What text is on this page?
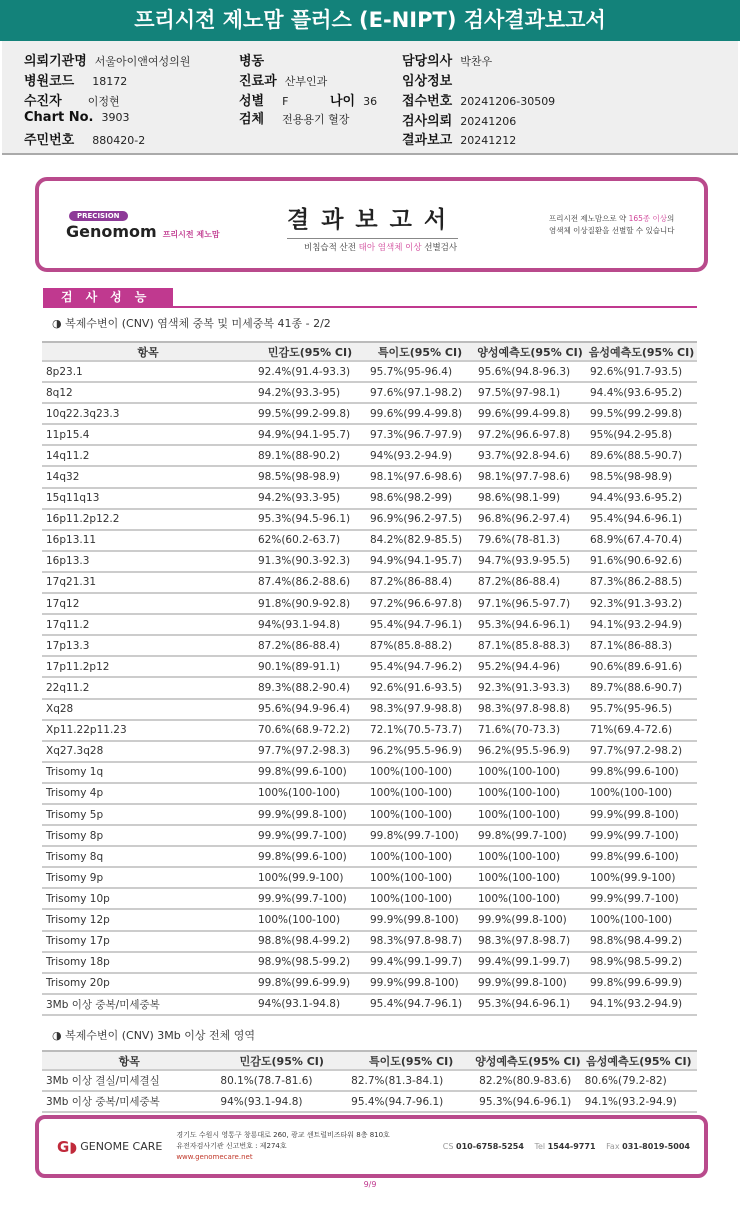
프리시전 제노맘 플러스 (E-NIPT) 검사결과보고서
의뢰기관명 서울아이앤여성의원
병원코드 18172
수진자 이정현
Chart No. 3903
주민번호 880420-2
병동
진료과 산부인과
성별 F	나이 36
검체 전용용기 혈장
담당의사 박찬우
임상정보
접수번호 20241206-30509
검사의뢰 20241206
결과보고 20241212
PRECISION
Genomom 프리시전 제노맘
결과보고서
비침습적 산전 태아 염색체 이상 선별검사
프리시전 제노맘으로 약 165종 이상의
염색체 이상질환을 선별할 수 있습니다
검사성능
◑ 복제수변이 (CNV) 염색체 중복 및 미세중복 41종 - 2/2
항목	민감도(95% CI)	특이도(95% CI)	양성예측도(95% CI)	음성예측도(95% CI)
8p23.1	92.4%(91.4-93.3)	95.7%(95-96.4)	95.6%(94.8-96.3)	92.6%(91.7-93.5)
8q12	94.2%(93.3-95)	97.6%(97.1-98.2)	97.5%(97-98.1)	94.4%(93.6-95.2)
10q22.3q23.3	99.5%(99.2-99.8)	99.6%(99.4-99.8)	99.6%(99.4-99.8)	99.5%(99.2-99.8)
11p15.4	94.9%(94.1-95.7)	97.3%(96.7-97.9)	97.2%(96.6-97.8)	95%(94.2-95.8)
14q11.2	89.1%(88-90.2)	94%(93.2-94.9)	93.7%(92.8-94.6)	89.6%(88.5-90.7)
14q32	98.5%(98-98.9)	98.1%(97.6-98.6)	98.1%(97.7-98.6)	98.5%(98-98.9)
15q11q13	94.2%(93.3-95)	98.6%(98.2-99)	98.6%(98.1-99)	94.4%(93.6-95.2)
16p11.2p12.2	95.3%(94.5-96.1)	96.9%(96.2-97.5)	96.8%(96.2-97.4)	95.4%(94.6-96.1)
16p13.11	62%(60.2-63.7)	84.2%(82.9-85.5)	79.6%(78-81.3)	68.9%(67.4-70.4)
16p13.3	91.3%(90.3-92.3)	94.9%(94.1-95.7)	94.7%(93.9-95.5)	91.6%(90.6-92.6)
17q21.31	87.4%(86.2-88.6)	87.2%(86-88.4)	87.2%(86-88.4)	87.3%(86.2-88.5)
17q12	91.8%(90.9-92.8)	97.2%(96.6-97.8)	97.1%(96.5-97.7)	92.3%(91.3-93.2)
17q11.2	94%(93.1-94.8)	95.4%(94.7-96.1)	95.3%(94.6-96.1)	94.1%(93.2-94.9)
17p13.3	87.2%(86-88.4)	87%(85.8-88.2)	87.1%(85.8-88.3)	87.1%(86-88.3)
17p11.2p12	90.1%(89-91.1)	95.4%(94.7-96.2)	95.2%(94.4-96)	90.6%(89.6-91.6)
22q11.2	89.3%(88.2-90.4)	92.6%(91.6-93.5)	92.3%(91.3-93.3)	89.7%(88.6-90.7)
Xq28	95.6%(94.9-96.4)	98.3%(97.9-98.8)	98.3%(97.8-98.8)	95.7%(95-96.5)
Xp11.22p11.23	70.6%(68.9-72.2)	72.1%(70.5-73.7)	71.6%(70-73.3)	71%(69.4-72.6)
Xq27.3q28	97.7%(97.2-98.3)	96.2%(95.5-96.9)	96.2%(95.5-96.9)	97.7%(97.2-98.2)
Trisomy 1q	99.8%(99.6-100)	100%(100-100)	100%(100-100)	99.8%(99.6-100)
Trisomy 4p	100%(100-100)	100%(100-100)	100%(100-100)	100%(100-100)
Trisomy 5p	99.9%(99.8-100)	100%(100-100)	100%(100-100)	99.9%(99.8-100)
Trisomy 8p	99.9%(99.7-100)	99.8%(99.7-100)	99.8%(99.7-100)	99.9%(99.7-100)
Trisomy 8q	99.8%(99.6-100)	100%(100-100)	100%(100-100)	99.8%(99.6-100)
Trisomy 9p	100%(99.9-100)	100%(100-100)	100%(100-100)	100%(99.9-100)
Trisomy 10p	99.9%(99.7-100)	100%(100-100)	100%(100-100)	99.9%(99.7-100)
Trisomy 12p	100%(100-100)	99.9%(99.8-100)	99.9%(99.8-100)	100%(100-100)
Trisomy 17p	98.8%(98.4-99.2)	98.3%(97.8-98.7)	98.3%(97.8-98.7)	98.8%(98.4-99.2)
Trisomy 18p	98.9%(98.5-99.2)	99.4%(99.1-99.7)	99.4%(99.1-99.7)	98.9%(98.5-99.2)
Trisomy 20p	99.8%(99.6-99.9)	99.9%(99.8-100)	99.9%(99.8-100)	99.8%(99.6-99.9)
3Mb 이상 중복/미세중복	94%(93.1-94.8)	95.4%(94.7-96.1)	95.3%(94.6-96.1)	94.1%(93.2-94.9)
◑ 복제수변이 (CNV) 3Mb 이상 전체 영역
항목	민감도(95% CI)	특이도(95% CI)	양성예측도(95% CI)	음성예측도(95% CI)
3Mb 이상 결실/미세결실	80.1%(78.7-81.6)	82.7%(81.3-84.1)	82.2%(80.9-83.6)	80.6%(79.2-82)
3Mb 이상 중복/미세중복	94%(93.1-94.8)	95.4%(94.7-96.1)	95.3%(94.6-96.1)	94.1%(93.2-94.9)
G◗ GENOME CARE
경기도 수원시 영통구 창룡대로 260, 광교 센트럴비즈타워 8층 810호
유전자검사기관 신고번호 : 제274호
www.genomecare.net
CS 010-6758-5254 Tel 1544-9771 Fax 031-8019-5004
9/9
